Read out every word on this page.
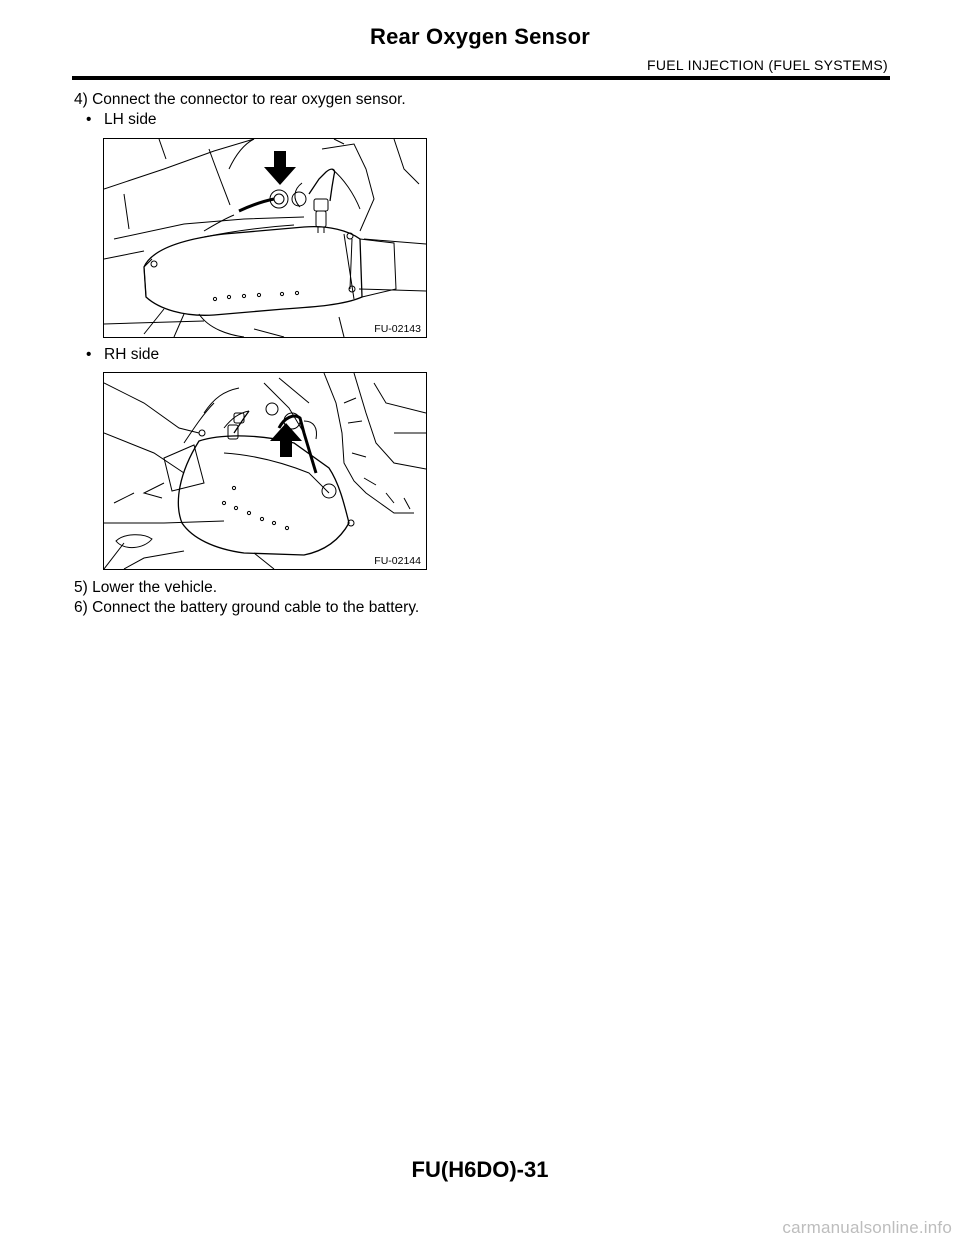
Rear Oxygen Sensor
FUEL INJECTION (FUEL SYSTEMS)
4) Connect the connector to rear oxygen sensor.
• LH side
FU-02143
• RH side
FU-02144
5) Lower the vehicle.
6) Connect the battery ground cable to the battery.
FU(H6DO)-31
carmanualsonline.info
